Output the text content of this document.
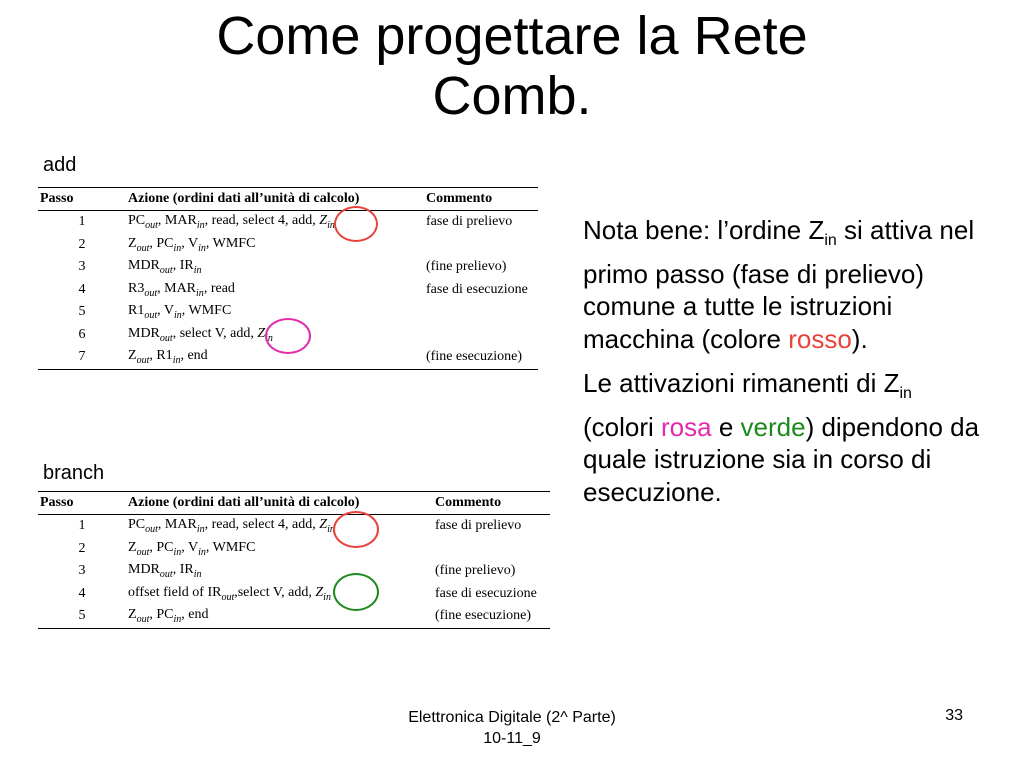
Come progettare la Rete
Comb.
add
Passo	Azione (ordini dati all’unità di calcolo)	Commento
1	$PC_{out}$, $MAR_{in}$, read, select 4, add, $Z_{in}$	fase di prelievo
2	$Z_{out}$, $PC_{in}$, $V_{in}$, WMFC	
3	$MDR_{out}$, $IR_{in}$	(fine prelievo)
4	$R3_{out}$, $MAR_{in}$, read	fase di esecuzione
5	$R1_{out}$, $V_{in}$, WMFC	
6	$MDR_{out}$, select V, add, $Z_{in}$	
7	$Z_{out}$, $R1_{in}$, end	(fine esecuzione)
branch
Passo	Azione (ordini dati all’unità di calcolo)	Commento
1	$PC_{out}$, $MAR_{in}$, read, select 4, add, $Z_{in}$	fase di prelievo
2	$Z_{out}$, $PC_{in}$, $V_{in}$, WMFC	
3	$MDR_{out}$, $IR_{in}$	(fine prelievo)
4	offset field of $IR_{out},select$ V, add, $Z_{in}$	fase di esecuzione
5	$Z_{out}$, $PC_{in}$, end	(fine esecuzione)

Nota bene: l’ordine $Z_{in}$ si attiva nel primo passo (fase di prelievo) comune a tutte le istruzioni macchina (colore rosso).

Le attivazioni rimanenti di $Z_{in}$ (colori rosa e verde) dipendono da quale istruzione sia in corso di esecuzione.

Elettronica Digitale (2^ Parte)
10-11_9
33
